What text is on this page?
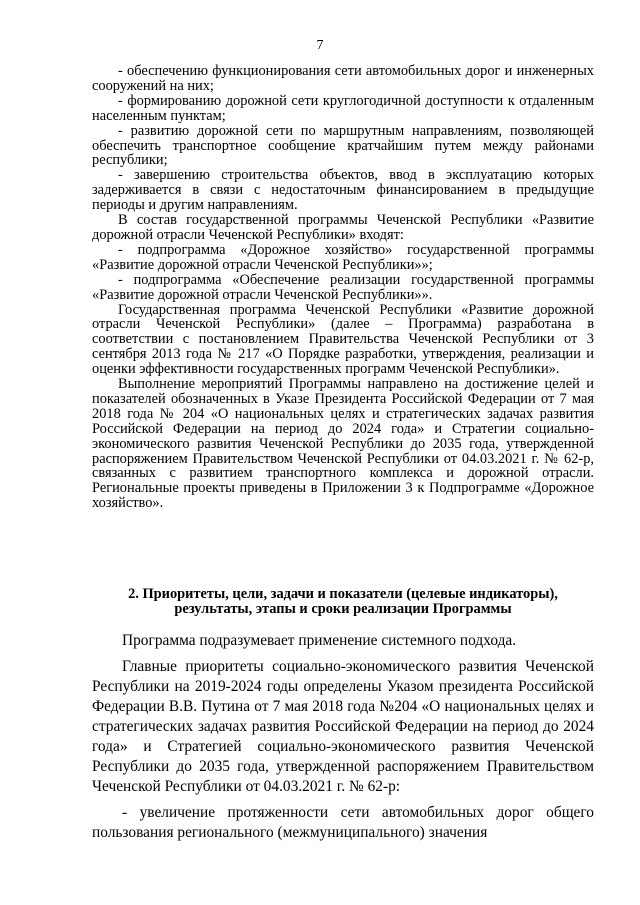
7

- обеспечению функционирования сети автомобильных дорог и инженерных сооружений на них;

- формированию дорожной сети круглогодичной доступности к отдаленным населенным пунктам;

- развитию дорожной сети по маршрутным направлениям, позволяющей обеспечить транспортное сообщение кратчайшим путем между районами республики;

- завершению строительства объектов, ввод в эксплуатацию которых задерживается в связи с недостаточным финансированием в предыдущие периоды и другим направлениям.

В состав государственной программы Чеченской Республики «Развитие дорожной отрасли Чеченской Республики» входят:

- подпрограмма «Дорожное хозяйство» государственной программы «Развитие дорожной отрасли Чеченской Республики»»;

- подпрограмма «Обеспечение реализации государственной программы «Развитие дорожной отрасли Чеченской Республики»».

Государственная программа Чеченской Республики «Развитие дорожной отрасли Чеченской Республики» (далее – Программа) разработана в соответствии с постановлением Правительства Чеченской Республики от 3 сентября 2013 года № 217 «О Порядке разработки, утверждения, реализации и оценки эффективности государственных программ Чеченской Республики».

Выполнение мероприятий Программы направлено на достижение целей и показателей обозначенных в Указе Президента Российской Федерации от 7 мая 2018 года № 204 «О национальных целях и стратегических задачах развития Российской Федерации на период до 2024 года» и Стратегии социально-экономического развития Чеченской Республики до 2035 года, утвержденной распоряжением Правительством Чеченской Республики от 04.03.2021 г. № 62-р, связанных с развитием транспортного комплекса и дорожной отрасли. Региональные проекты приведены в Приложении 3 к Подпрограмме «Дорожное хозяйство».

2. Приоритеты, цели, задачи и показатели (целевые индикаторы),
результаты, этапы и сроки реализации Программы

Программа подразумевает применение системного подхода.

Главные приоритеты социально-экономического развития Чеченской Республики на 2019-2024 годы определены Указом президента Российской Федерации В.В. Путина от 7 мая 2018 года №204 «О национальных целях и стратегических задачах развития Российской Федерации на период до 2024 года» и Стратегией социально-экономического развития Чеченской Республики до 2035 года, утвержденной распоряжением Правительством Чеченской Республики от 04.03.2021 г. № 62-р:

- увеличение протяженности сети автомобильных дорог общего пользования регионального (межмуниципального) значения
